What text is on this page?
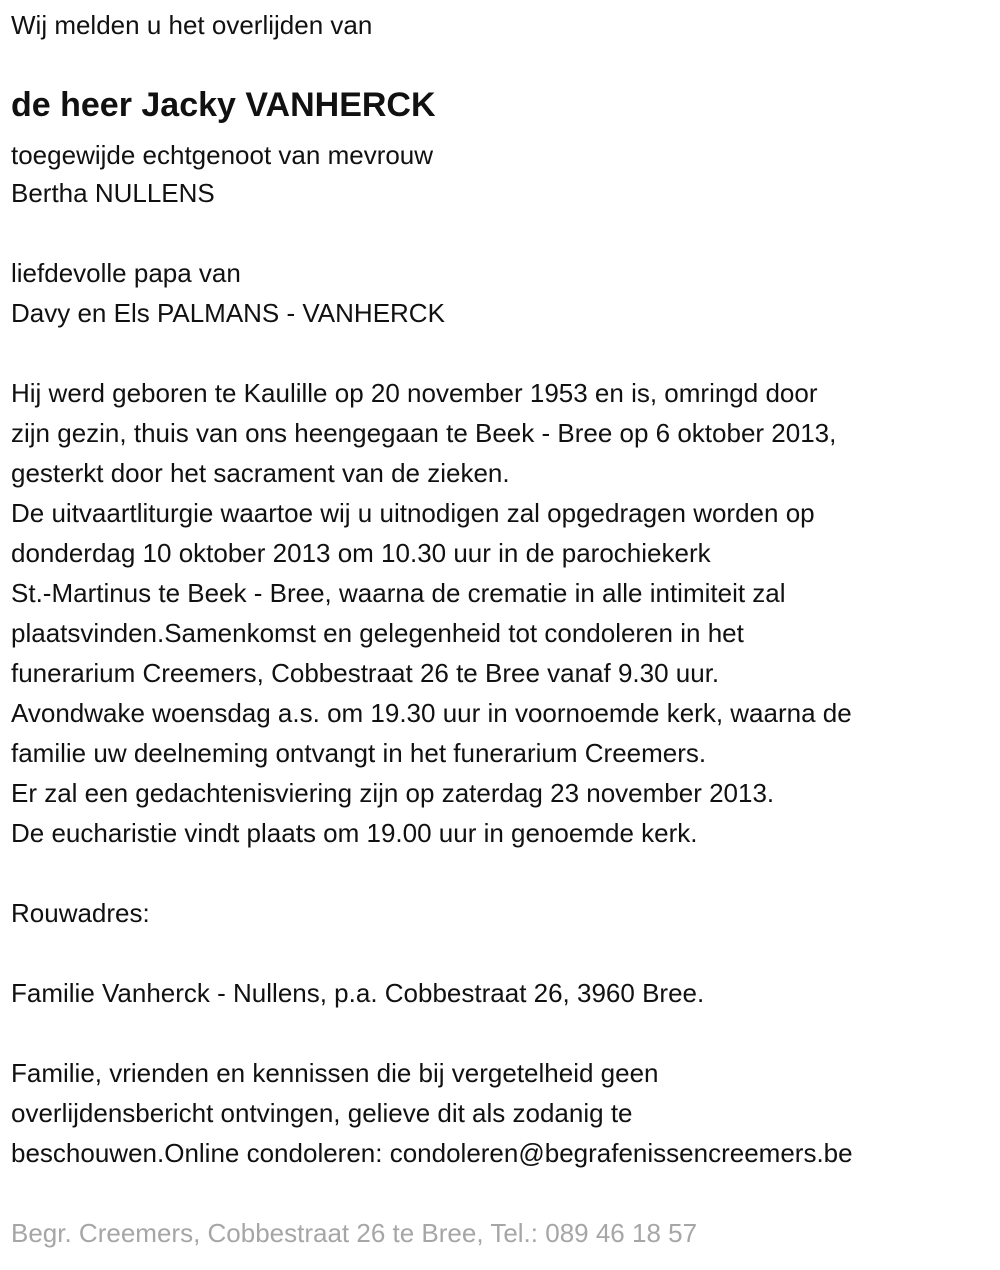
Wij melden u het overlijden van
de heer Jacky VANHERCK
toegewijde echtgenoot van mevrouw
Bertha NULLENS
liefdevolle papa van
Davy en Els PALMANS - VANHERCK
Hij werd geboren te Kaulille op 20 november 1953 en is, omringd door
zijn gezin, thuis van ons heengegaan te Beek - Bree op 6 oktober 2013,
gesterkt door het sacrament van de zieken.
De uitvaartliturgie waartoe wij u uitnodigen zal opgedragen worden op
donderdag 10 oktober 2013 om 10.30 uur in de parochiekerk
St.-Martinus te Beek - Bree, waarna de crematie in alle intimiteit zal
plaatsvinden.Samenkomst en gelegenheid tot condoleren in het
funerarium Creemers, Cobbestraat 26 te Bree vanaf 9.30 uur.
Avondwake woensdag a.s. om 19.30 uur in voornoemde kerk, waarna de
familie uw deelneming ontvangt in het funerarium Creemers.
Er zal een gedachtenisviering zijn op zaterdag 23 november 2013.
De eucharistie vindt plaats om 19.00 uur in genoemde kerk.
Rouwadres:
Familie Vanherck - Nullens, p.a. Cobbestraat 26, 3960 Bree.
Familie, vrienden en kennissen die bij vergetelheid geen
overlijdensbericht ontvingen, gelieve dit als zodanig te
beschouwen.Online condoleren: condoleren@begrafenissencreemers.be
Begr. Creemers, Cobbestraat 26 te Bree, Tel.: 089 46 18 57
